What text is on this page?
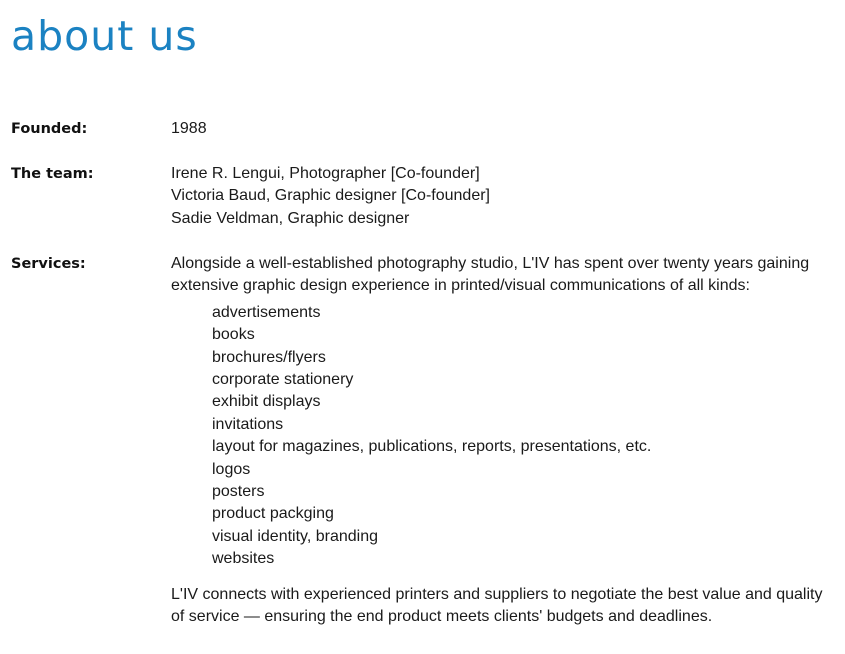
about us
Founded:	1988
The team:	Irene R. Lengui, Photographer [Co-founder]
Victoria Baud, Graphic designer [Co-founder]
Sadie Veldman, Graphic designer
Services:	Alongside a well-established photography studio, L'IV has spent over twenty years gaining extensive graphic design experience in printed/visual communications of all kinds:

advertisements
books
brochures/flyers
corporate stationery
exhibit displays
invitations
layout for magazines, publications, reports, presentations, etc.
logos
posters
product packging
visual identity, branding
websites

L'IV connects with experienced printers and suppliers to negotiate the best value and quality of service — ensuring the end product meets clients' budgets and deadlines.
